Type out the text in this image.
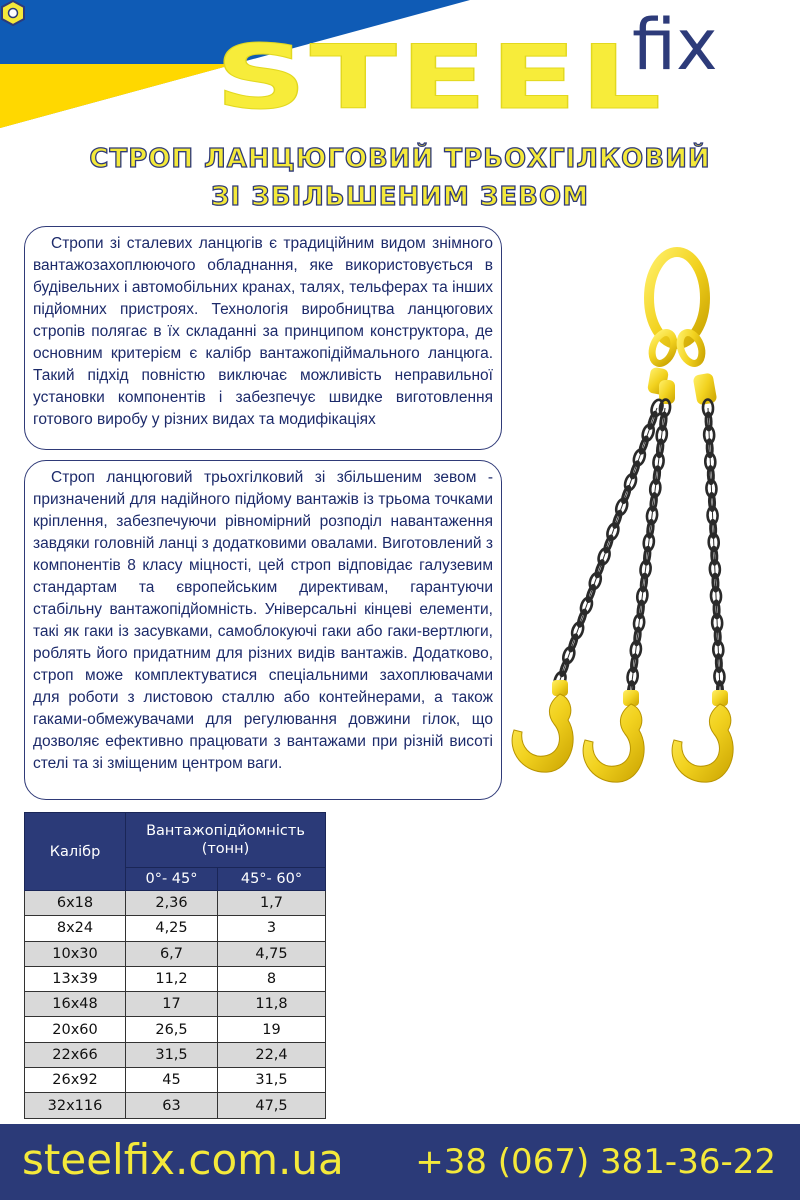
STEEL
fix
СТРОП ЛАНЦЮГОВИЙ ТРЬОХГІЛКОВИЙ
ЗІ ЗБІЛЬШЕНИМ ЗЕВОМ

Стропи зі сталевих ланцюгів є традиційним видом знімного вантажозахоплюючого обладнання, яке використовується в будівельних і автомобільних кранах, талях, тельферах та інших підйомних пристроях. Технологія виробництва ланцюгових стропів полягає в їх складанні за принципом конструктора, де основним критерієм є калібр вантажопідіймального ланцюга. Такий підхід повністю виключає можливість неправильної установки компонентів і забезпечує швидке виготовлення готового виробу у різних видах та модифікаціях

Строп ланцюговий трьохгілковий зі збільшеним зевом - призначений для надійного підйому вантажів із трьома точками кріплення, забезпечуючи рівномірний розподіл навантаження завдяки головній ланці з додатковими овалами. Виготовлений з компонентів 8 класу міцності, цей строп відповідає галузевим стандартам та європейським директивам, гарантуючи стабільну вантажопідйомність. Універсальні кінцеві елементи, такі як гаки із засувками, самоблокуючі гаки або гаки-вертлюги, роблять його придатним для різних видів вантажів. Додатково, строп може комплектуватися спеціальними захоплювачами для роботи з листовою сталлю або контейнерами, а також гаками-обмежувачами для регулювання довжини гілок, що дозволяє ефективно працювати з вантажами при різній висоті стелі та зі зміщеним центром ваги.

Калібр	Вантажопідйомність
(тонн)	

	0°- 45°	45°- 60°
6х18	2,36	1,7
8х24	4,25	3
10х30	6,7	4,75
13х39	11,2	8
16х48	17	11,8
20х60	26,5	19
22х66	31,5	22,4
26х92	45	31,5
32х116	63	47,5
steelfix.com.ua +38 (067) 381-36-22
